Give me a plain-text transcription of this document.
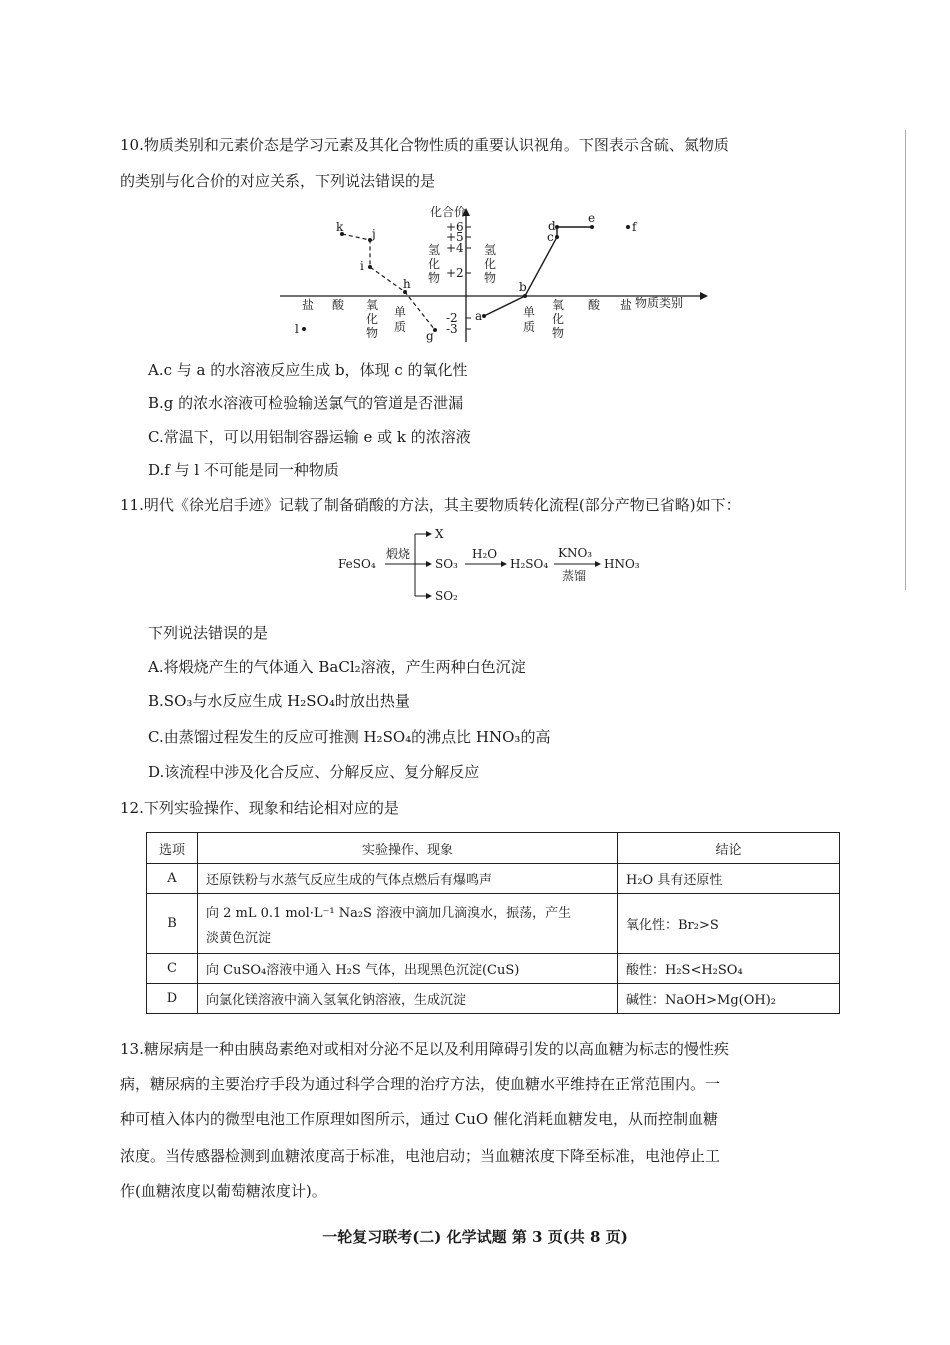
10.物质类别和元素价态是学习元素及其化合物性质的重要认识视角。下图表示含硫、氮物质
的类别与化合价的对应关系，下列说法错误的是
化合价
物质类别
+6
+5
+4
+2
-2
-3
盐 酸 氧
化
物
单
质
氢
化
物
氢
化
物
单
质
氧
化
物
酸 盐
k j
i
h
g
l
a
b
c
d
e
f
A.c 与 a 的水溶液反应生成 b，体现 c 的氧化性
B.g 的浓水溶液可检验输送氯气的管道是否泄漏
C.常温下，可以用铝制容器运输 e 或 k 的浓溶液
D.f 与 l 不可能是同一种物质
11.明代《徐光启手迹》记载了制备硝酸的方法，其主要物质转化流程(部分产物已省略)如下：
FeSO₄
煅烧
X
SO₃
SO₂
H₂O
H₂SO₄
KNO₃
蒸馏
HNO₃
下列说法错误的是
A.将煅烧产生的气体通入 BaCl₂溶液，产生两种白色沉淀
B.SO₃与水反应生成 H₂SO₄时放出热量
C.由蒸馏过程发生的反应可推测 H₂SO₄的沸点比 HNO₃的高
D.该流程中涉及化合反应、分解反应、复分解反应
12.下列实验操作、现象和结论相对应的是
选项	实验操作、现象	结论
A	还原铁粉与水蒸气反应生成的气体点燃后有爆鸣声	H₂O 具有还原性
B	向 2 mL 0.1 mol·L⁻¹ Na₂S 溶液中滴加几滴溴水，振荡，产生
淡黄色沉淀	氧化性：Br₂>S
C	向 CuSO₄溶液中通入 H₂S 气体，出现黑色沉淀(CuS)	酸性：H₂S<H₂SO₄
D	向氯化镁溶液中滴入氢氧化钠溶液，生成沉淀	碱性：NaOH>Mg(OH)₂
13.糖尿病是一种由胰岛素绝对或相对分泌不足以及利用障碍引发的以高血糖为标志的慢性疾
病，糖尿病的主要治疗手段为通过科学合理的治疗方法，使血糖水平维持在正常范围内。一
种可植入体内的微型电池工作原理如图所示，通过 CuO 催化消耗血糖发电，从而控制血糖
浓度。当传感器检测到血糖浓度高于标准，电池启动；当血糖浓度下降至标准，电池停止工
作(血糖浓度以葡萄糖浓度计)。
一轮复习联考(二) 化学试题 第 3 页(共 8 页)
